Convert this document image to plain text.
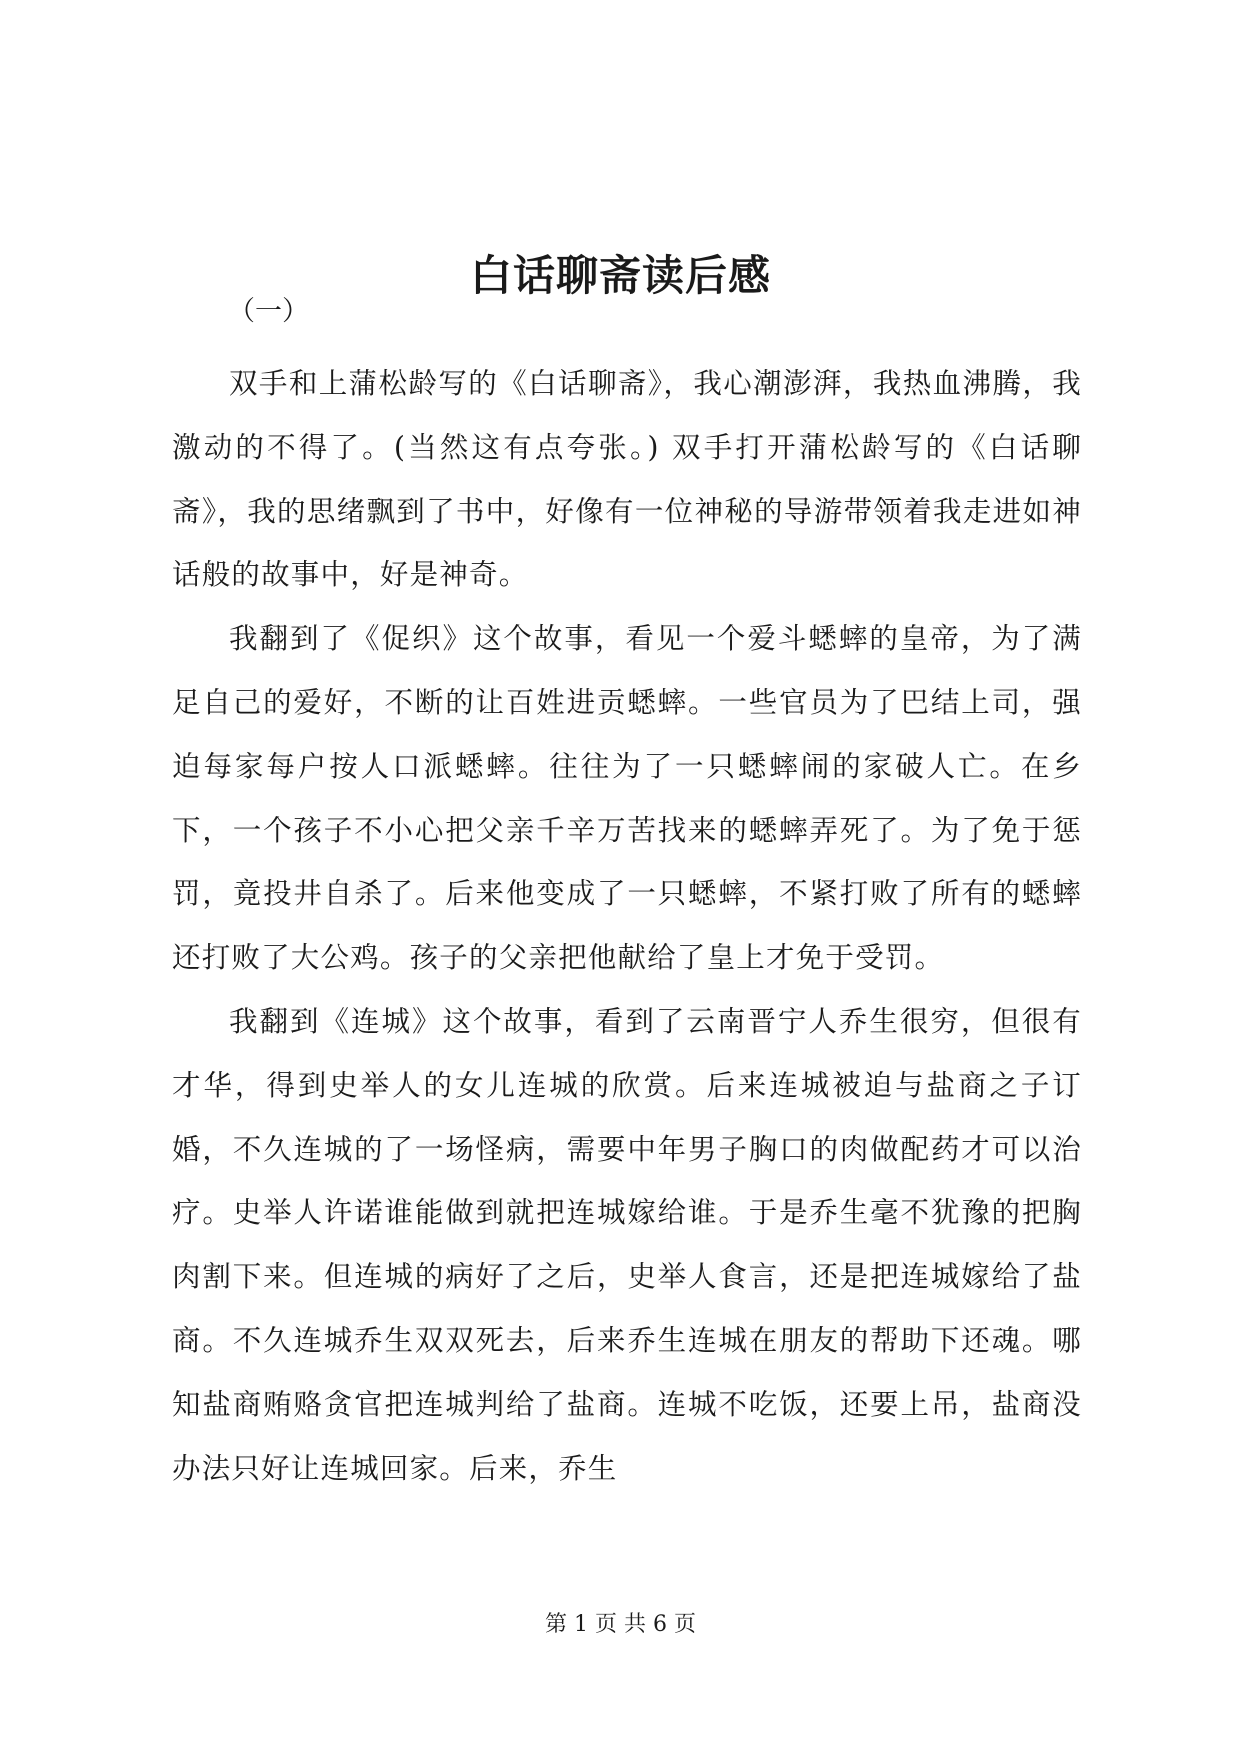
白话聊斋读后感
（一）

双手和上蒲松龄写的《白话聊斋》，我心潮澎湃，我热血沸腾，我激动的不得了。(当然这有点夸张。) 双手打开蒲松龄写的《白话聊斋》，我的思绪飘到了书中，好像有一位神秘的导游带领着我走进如神话般的故事中，好是神奇。

我翻到了《促织》这个故事，看见一个爱斗蟋蟀的皇帝，为了满足自己的爱好，不断的让百姓进贡蟋蟀。一些官员为了巴结上司，强迫每家每户按人口派蟋蟀。往往为了一只蟋蟀闹的家破人亡。在乡下，一个孩子不小心把父亲千辛万苦找来的蟋蟀弄死了。为了免于惩罚，竟投井自杀了。后来他变成了一只蟋蟀，不紧打败了所有的蟋蟀还打败了大公鸡。孩子的父亲把他献给了皇上才免于受罚。

我翻到《连城》这个故事，看到了云南晋宁人乔生很穷，但很有才华，得到史举人的女儿连城的欣赏。后来连城被迫与盐商之子订婚，不久连城的了一场怪病，需要中年男子胸口的肉做配药才可以治疗。史举人许诺谁能做到就把连城嫁给谁。于是乔生毫不犹豫的把胸肉割下来。但连城的病好了之后，史举人食言，还是把连城嫁给了盐商。不久连城乔生双双死去，后来乔生连城在朋友的帮助下还魂。哪知盐商贿赂贪官把连城判给了盐商。连城不吃饭，还要上吊，盐商没办法只好让连城回家。后来，乔生

第 1 页 共 6 页
